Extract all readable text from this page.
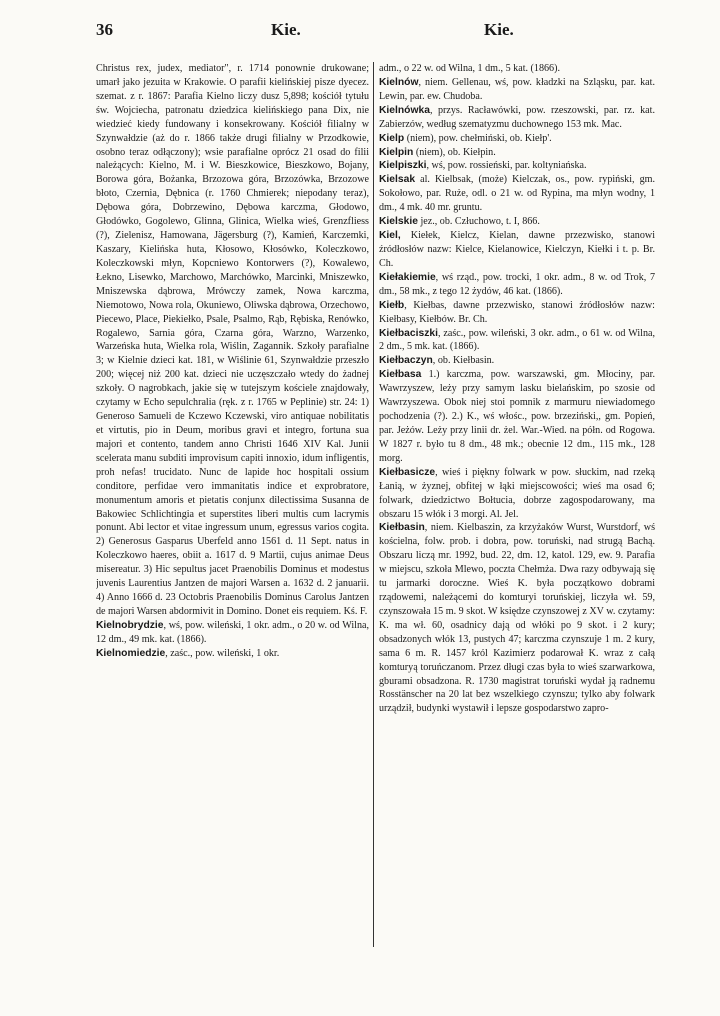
36	Kie.	Kie.

Christus rex, judex, mediator", r. 1714 ponownie drukowane; umarł jako jezuita w Krakowie. O parafii kielińskiej pisze dyecez. szemat. z r. 1867: Parafia Kielno liczy dusz 5,898; kościół tytułu św. Wojciecha, patronatu dziedzica kielińskiego pana Dix, nie wiedzieć kiedy fundowany i konsekrowany. Kościół filialny w Szynwałdzie (aż do r. 1866 także drugi filialny w Przodkowie, osobno teraz odłączony); wsie parafialne oprócz 21 osad do filii należących: Kielno, M. i W. Bieszkowice, Bieszkowo, Bojany, Borowa góra, Bożanka, Brzozowa góra, Brzozówka, Brzozowe błoto, Czernia, Dębnica (r. 1760 Chmierek; niepodany teraz), Dębowa góra, Dobrzewino, Dębowa karczma, Głodowo, Głodówko, Gogolewo, Glinna, Glinica, Wielka wieś, Grenzfliess (?), Zielenisz, Hamowana, Jägersburg (?), Kamień, Karczemki, Kaszary, Kielińska huta, Kłosowo, Kłosówko, Koleczkowo, Koleczkowski młyn, Kopcniewo Kontorwers (?), Kowalewo, Łekno, Lisewko, Marchowo, Marchówko, Marcinki, Mniszewko, Mniszewska dąbrowa, Mrówczy zamek, Nowa karczma, Niemotowo, Nowa rola, Okuniewo, Oliwska dąbrowa, Orzechowo, Piecewo, Place, Piekiełko, Psale, Psalmo, Rąb, Rębiska, Renówko, Rogalewo, Sarnia góra, Czarna góra, Warzno, Warzenko, Warzeńska huta, Wielka rola, Wiślin, Zagannik. Szkoły parafialne 3; w Kielnie dzieci kat. 181, w Wiślinie 61, Szynwałdzie przeszło 200; więcej niż 200 kat. dzieci nie uczęszczało wtedy do żadnej szkoły. O nagrobkach, jakie się w tutejszym kościele znajdowały, czytamy w Echo sepulchralia (ręk. z r. 1765 w Peplinie) str. 24: 1) Generoso Samueli de Kczewo Kczewski, viro antiquae nobilitatis et virtutis, pio in Deum, moribus gravi et integro, fortuna sua majori et contento, tandem anno Christi 1646 XIV Kal. Junii scelerata manu subditi improvisum capiti innoxio, idum infligentis, proh nefas! trucidato. Nunc de lapide hoc hospitali ossium conditore, perfidae vero immanitatis indice et exprobratore, monumentum amoris et pietatis conjunx dilectissima Susanna de Bakowiec Schlichtingia et superstites liberi multis cum lacrymis ponunt. Abi lector et vitae ingressum unum, egressus varios cogita. 2) Generosus Gasparus Uberfeld anno 1561 d. 11 Sept. natus in Koleczkowo haeres, obiit a. 1617 d. 9 Martii, cujus animae Deus misereatur. 3) Hic sepultus jacet Praenobilis Dominus et modestus juvenis Laurentius Jantzen de majori Warsen a. 1632 d. 2 januarii. 4) Anno 1666 d. 23 Octobris Praenobilis Dominus Carolus Jantzen de majori Warsen abdormivit in Domino. Donet eis requiem. Kś. F.

Kielnobrydzie, wś, pow. wileński, 1 okr. adm., o 20 w. od Wilna, 12 dm., 49 mk. kat. (1866).

Kielnomiedzie, zaśc., pow. wileński, 1 okr.

adm., o 22 w. od Wilna, 1 dm., 5 kat. (1866).

Kielnów, niem. Gellenau, wś, pow. kładzki na Szląsku, par. kat. Lewin, par. ew. Chudoba.

Kielnówka, przys. Racławówki, pow. rzeszowski, par. rz. kat. Zabierzów, według szematyzmu duchownego 153 mk. Mac.

Kielp (niem), pow. chełmiński, ob. Kiełp'.

Kielpin (niem), ob. Kiełpin.

Kielpiszki, wś, pow. rossieński, par. koltyniańska.

Kielsak al. Kielbsak, (może) Kielczak, os., pow. rypiński, gm. Sokołowo, par. Ruże, odl. o 21 w. od Rypina, ma młyn wodny, 1 dm., 4 mk. 40 mr. gruntu.

Kielskie jez., ob. Człuchowo, t. I, 866.

Kiel, Kiełek, Kielcz, Kielan, dawne przezwisko, stanowi źródłosłów nazw: Kielce, Kielanowice, Kielczyn, Kiełki i t. p. Br. Ch.

Kiełakiemie, wś rząd., pow. trocki, 1 okr. adm., 8 w. od Trok, 7 dm., 58 mk., z tego 12 żydów, 46 kat. (1866).

Kiełb, Kiełbas, dawne przezwisko, stanowi źródłosłów nazw: Kiełbasy, Kiełbów. Br. Ch.

Kiełbaciszki, zaśc., pow. wileński, 3 okr. adm., o 61 w. od Wilna, 2 dm., 5 mk. kat. (1866).

Kiełbaczyn, ob. Kiełbasin.

Kiełbasa 1.) karczma, pow. warszawski, gm. Młociny, par. Wawrzyszew, leży przy samym lasku bielańskim, po szosie od Wawrzyszewa. Obok niej stoi pomnik z marmuru niewiadomego pochodzenia (?). 2.) K., wś włośc., pow. brzeziński,, gm. Popień, par. Jeżów. Leży przy linii dr. żel. War.-Wied. na półn. od Rogowa. W 1827 r. było tu 8 dm., 48 mk.; obecnie 12 dm., 115 mk., 128 morg.

Kiełbasicze, wieś i piękny folwark w pow. słuckim, nad rzeką Łanią, w żyznej, obfitej w łąki miejscowości; wieś ma osad 6; folwark, dziedzictwo Bołtucia, dobrze zagospodarowany, ma obszaru 15 włók i 3 morgi. Al. Jel.

Kiełbasin, niem. Kielbaszin, za krzyżaków Wurst, Wurstdorf, wś kościelna, folw. prob. i dobra, pow. toruński, nad strugą Bachą. Obszaru liczą mr. 1992, bud. 22, dm. 12, katol. 129, ew. 9. Parafia w miejscu, szkoła Mlewo, poczta Chełmża. Dwa razy odbywają się tu jarmarki doroczne. Wieś K. była początkowo dobrami rządowemi, należącemi do komturyi toruńskiej, liczyła wł. 59, czynszowała 15 m. 9 skot. W księdze czynszowej z XV w. czytamy: K. ma wł. 60, osadnicy dają od włóki po 9 skot. i 2 kury; obsadzonych włók 13, pustych 47; karczma czynszuje 1 m. 2 kury, sama 6 m. R. 1457 król Kazimierz podarował K. wraz z całą komturyą toruńczanom. Przez długi czas była to wieś szarwarkowa, gburami obsadzona. R. 1730 magistrat toruński wydał ją radnemu Rosstänscher na 20 lat bez wszelkiego czynszu; tylko aby folwark urządził, budynki wystawił i lepsze gospodarstwo zapro-
